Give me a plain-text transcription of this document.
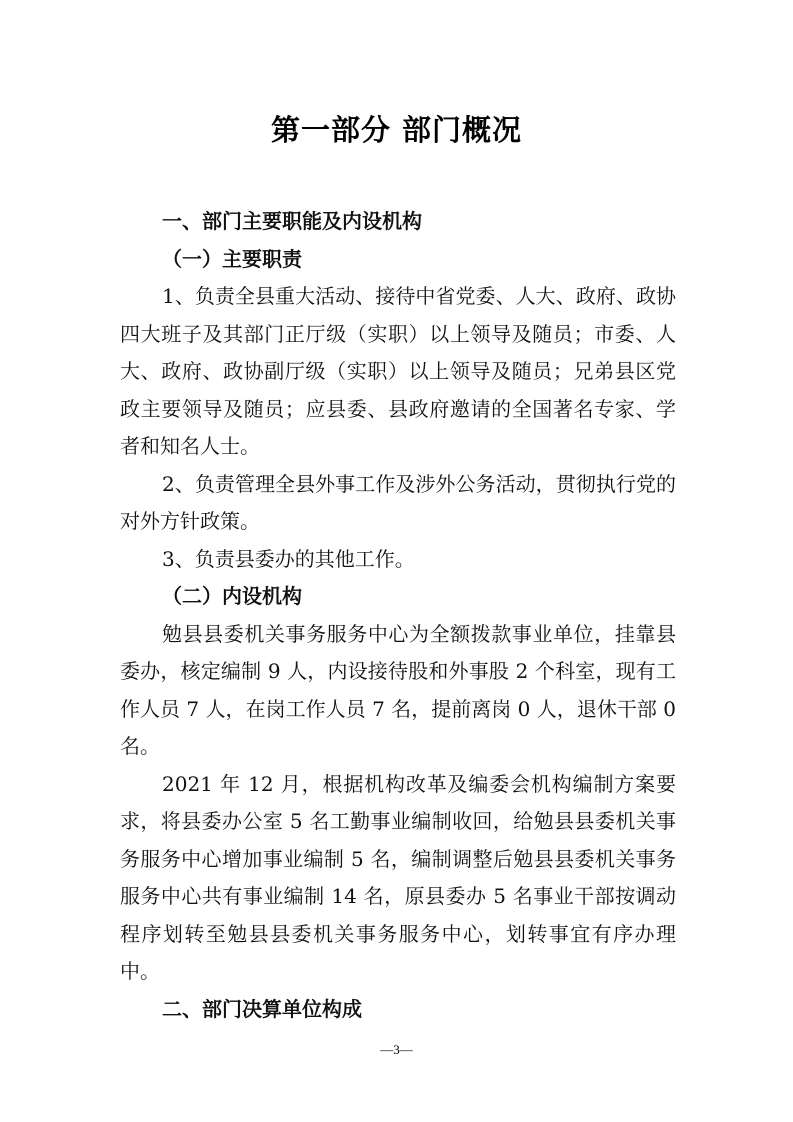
第一部分 部门概况

一、部门主要职能及内设机构

（一）主要职责

1、负责全县重大活动、接待中省党委、人大、政府、政协四大班子及其部门正厅级（实职）以上领导及随员；市委、人大、政府、政协副厅级（实职）以上领导及随员；兄弟县区党政主要领导及随员；应县委、县政府邀请的全国著名专家、学者和知名人士。

2、负责管理全县外事工作及涉外公务活动，贯彻执行党的对外方针政策。

3、负责县委办的其他工作。

（二）内设机构

勉县县委机关事务服务中心为全额拨款事业单位，挂靠县委办，核定编制 9 人，内设接待股和外事股 2 个科室，现有工作人员 7 人，在岗工作人员 7 名，提前离岗 0 人，退休干部 0 名。

2021 年 12 月，根据机构改革及编委会机构编制方案要求，将县委办公室 5 名工勤事业编制收回，给勉县县委机关事务服务中心增加事业编制 5 名，编制调整后勉县县委机关事务服务中心共有事业编制 14 名，原县委办 5 名事业干部按调动程序划转至勉县县委机关事务服务中心，划转事宜有序办理中。

二、部门决算单位构成

—3—
